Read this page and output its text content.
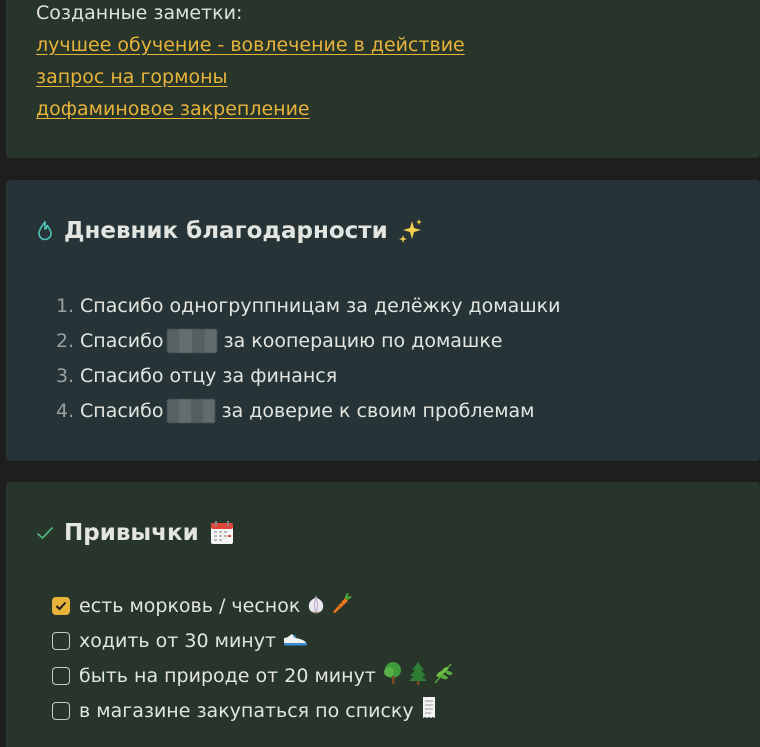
Созданные заметки:
лучшее обучение - вовлечение в действие
запрос на гормоны
дофаминовое закрепление
Дневник благодарности
1. Спасибо одногруппницам за делёжку домашки
2. Спасибо	за кооперацию по домашке
3. Спасибо отцу за финанся
4. Спасибо	за доверие к своим проблемам
Привычки
есть морковь / чеснок
ходить от 30 минут
быть на природе от 20 минут
в магазине закупаться по списку
